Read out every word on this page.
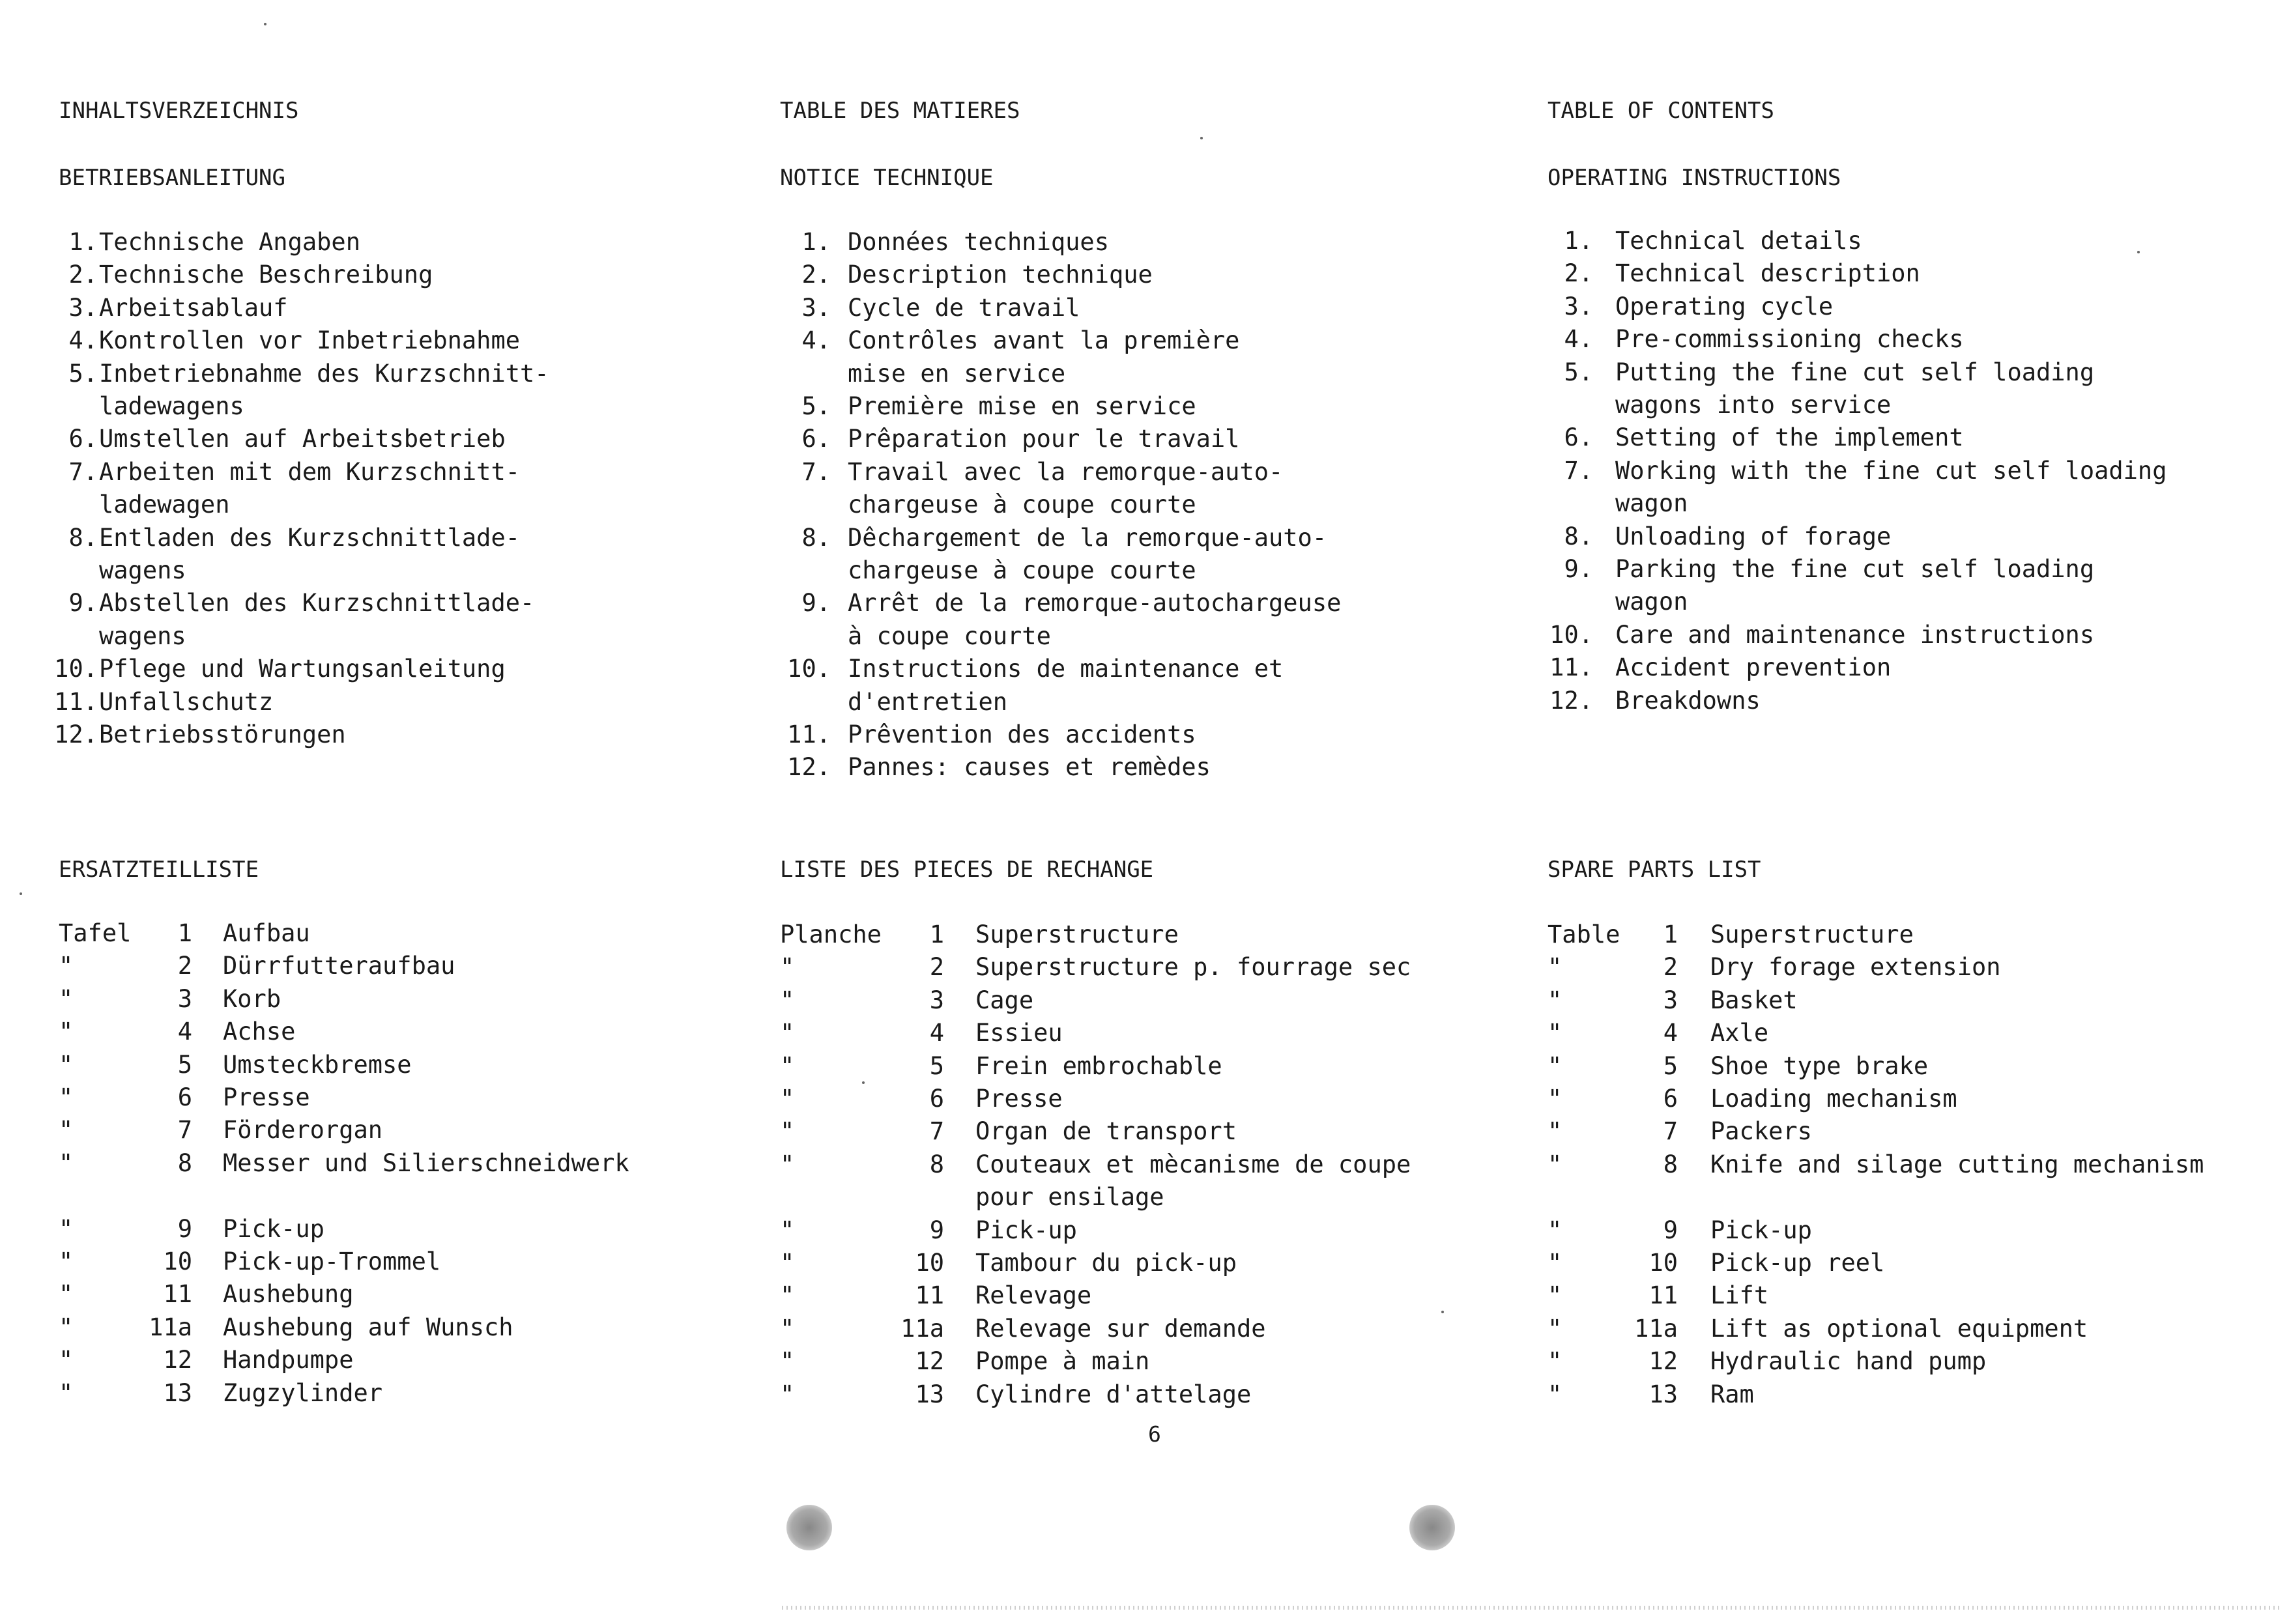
INHALTSVERZEICHNIS
BETRIEBSANLEITUNG
ERSATZTEILLISTE
1. Technische Angaben
2. Technische Beschreibung
3. Arbeitsablauf
4. Kontrollen vor Inbetriebnahme
5. Inbetriebnahme des Kurzschnitt-
ladewagens
6. Umstellen auf Arbeitsbetrieb
7. Arbeiten mit dem Kurzschnitt-
ladewagen
8. Entladen des Kurzschnittlade-
wagens
9. Abstellen des Kurzschnittlade-
wagens
10. Pflege und Wartungsanleitung
11. Unfallschutz
12. Betriebsstörungen
Tafel	1 Aufbau
"	2 Dürrfutteraufbau
"	3 Korb
"	4 Achse
"	5 Umsteckbremse
"	6 Presse
"	7 Förderorgan
"	8 Messer und Silierschneidwerk
"	9 Pick-up
"	10 Pick-up-Trommel
"	11 Aushebung
"	11a Aushebung auf Wunsch
"	12 Handpumpe
"	13 Zugzylinder
TABLE DES MATIERES
NOTICE TECHNIQUE
LISTE DES PIECES DE RECHANGE
1. Données techniques
2. Description technique
3. Cycle de travail
4. Contrôles avant la première
mise en service
5. Première mise en service
6. Prêparation pour le travail
7. Travail avec la remorque-auto-
chargeuse à coupe courte
8. Dêchargement de la remorque-auto-
chargeuse à coupe courte
9. Arrêt de la remorque-autochargeuse
à coupe courte
10. Instructions de maintenance et
d'entretien
11. Prêvention des accidents
12. Pannes: causes et remèdes
Planche	1 Superstructure
"	2 Superstructure p. fourrage sec
"	3 Cage
"	4 Essieu
"	5 Frein embrochable
"	6 Presse
"	7 Organ de transport
"	8 Couteaux et mècanisme de coupe
pour ensilage
"	9 Pick-up
"	10 Tambour du pick-up
"	11 Relevage
"	11a Relevage sur demande
"	12 Pompe à main
"	13 Cylindre d'attelage
TABLE OF CONTENTS
OPERATING INSTRUCTIONS
SPARE PARTS LIST
1. Technical details
2. Technical description
3. Operating cycle
4. Pre-commissioning checks
5. Putting the fine cut self loading
wagons into service
6. Setting of the implement
7. Working with the fine cut self loading
wagon
8. Unloading of forage
9. Parking the fine cut self loading
wagon
10. Care and maintenance instructions
11. Accident prevention
12. Breakdowns
Table	1 Superstructure
"	2 Dry forage extension
"	3 Basket
"	4 Axle
"	5 Shoe type brake
"	6 Loading mechanism
"	7 Packers
"	8 Knife and silage cutting mechanism
"	9 Pick-up
"	10 Pick-up reel
"	11 Lift
"	11a Lift as optional equipment
"	12 Hydraulic hand pump
"	13 Ram
6
